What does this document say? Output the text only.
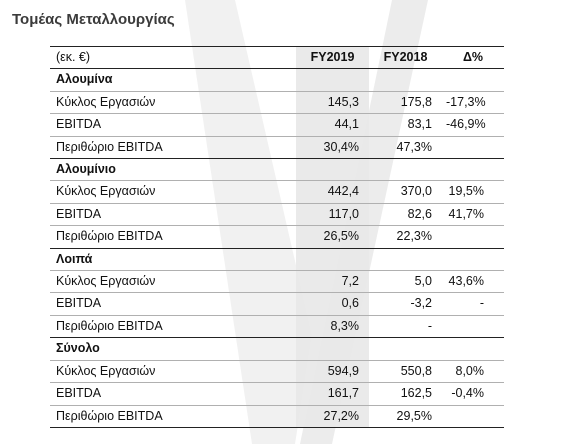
Τομέας Μεταλλουργίας
(εκ. €)	FY2019	FY2018	Δ%
Αλουμίνα			
Κύκλος Εργασιών	145,3	175,8	-17,3%
EBITDA	44,1	83,1	-46,9%
Περιθώριο EBITDA	30,4%	47,3%	
Αλουμίνιο			
Κύκλος Εργασιών	442,4	370,0	19,5%
EBITDA	117,0	82,6	41,7%
Περιθώριο EBITDA	26,5%	22,3%	
Λοιπά			
Κύκλος Εργασιών	7,2	5,0	43,6%
EBITDA	0,6	-3,2	-
Περιθώριο EBITDA	8,3%	-	
Σύνολο			
Κύκλος Εργασιών	594,9	550,8	8,0%
EBITDA	161,7	162,5	-0,4%
Περιθώριο EBITDA	27,2%	29,5%	
